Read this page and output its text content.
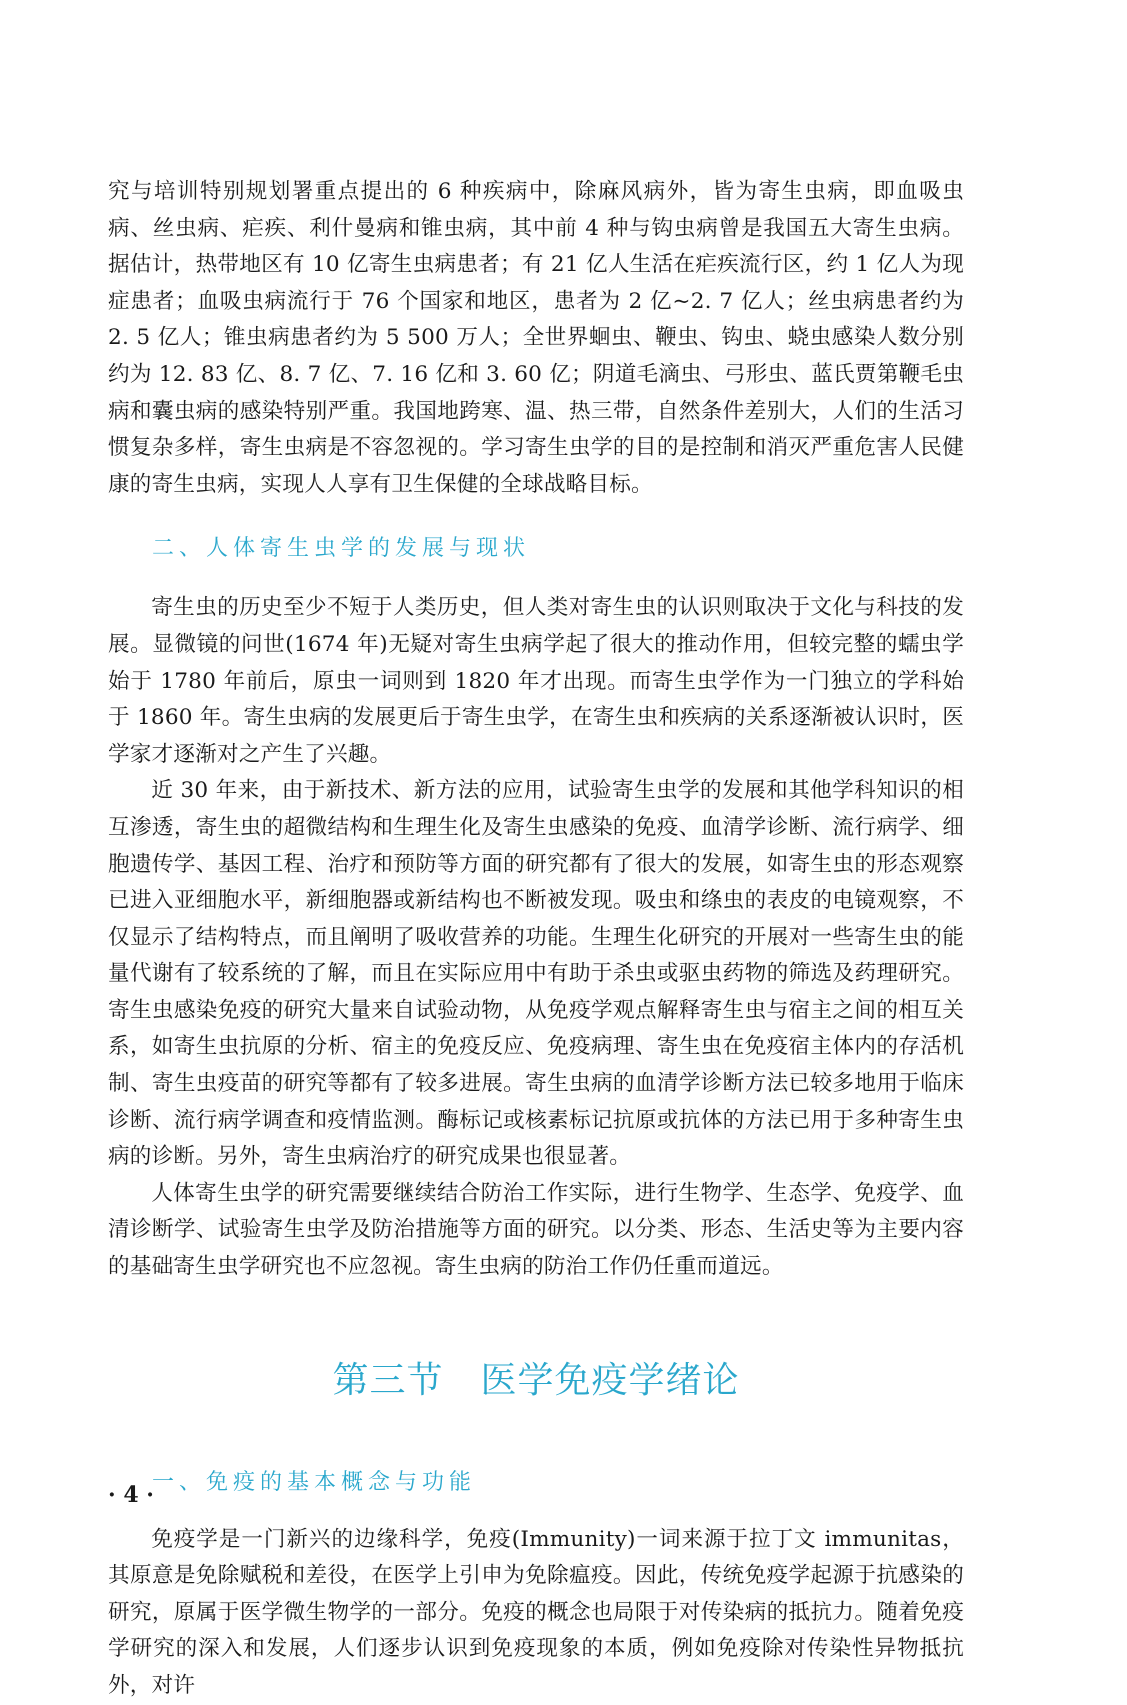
究与培训特别规划署重点提出的 6 种疾病中，除麻风病外，皆为寄生虫病，即血吸虫病、丝虫病、疟疾、利什曼病和锥虫病，其中前 4 种与钩虫病曾是我国五大寄生虫病。据估计，热带地区有 10 亿寄生虫病患者；有 21 亿人生活在疟疾流行区，约 1 亿人为现症患者；血吸虫病流行于 76 个国家和地区，患者为 2 亿~2. 7 亿人；丝虫病患者约为 2. 5 亿人；锥虫病患者约为 5 500 万人；全世界蛔虫、鞭虫、钩虫、蛲虫感染人数分别约为 12. 83 亿、8. 7 亿、7. 16 亿和 3. 60 亿；阴道毛滴虫、弓形虫、蓝氏贾第鞭毛虫病和囊虫病的感染特别严重。我国地跨寒、温、热三带，自然条件差别大，人们的生活习惯复杂多样，寄生虫病是不容忽视的。学习寄生虫学的目的是控制和消灭严重危害人民健康的寄生虫病，实现人人享有卫生保健的全球战略目标。

二、人体寄生虫学的发展与现状

寄生虫的历史至少不短于人类历史，但人类对寄生虫的认识则取决于文化与科技的发展。显微镜的问世(1674 年)无疑对寄生虫病学起了很大的推动作用，但较完整的蠕虫学始于 1780 年前后，原虫一词则到 1820 年才出现。而寄生虫学作为一门独立的学科始于 1860 年。寄生虫病的发展更后于寄生虫学，在寄生虫和疾病的关系逐渐被认识时，医学家才逐渐对之产生了兴趣。

近 30 年来，由于新技术、新方法的应用，试验寄生虫学的发展和其他学科知识的相互渗透，寄生虫的超微结构和生理生化及寄生虫感染的免疫、血清学诊断、流行病学、细胞遗传学、基因工程、治疗和预防等方面的研究都有了很大的发展，如寄生虫的形态观察已进入亚细胞水平，新细胞器或新结构也不断被发现。吸虫和绦虫的表皮的电镜观察，不仅显示了结构特点，而且阐明了吸收营养的功能。生理生化研究的开展对一些寄生虫的能量代谢有了较系统的了解，而且在实际应用中有助于杀虫或驱虫药物的筛选及药理研究。寄生虫感染免疫的研究大量来自试验动物，从免疫学观点解释寄生虫与宿主之间的相互关系，如寄生虫抗原的分析、宿主的免疫反应、免疫病理、寄生虫在免疫宿主体内的存活机制、寄生虫疫苗的研究等都有了较多进展。寄生虫病的血清学诊断方法已较多地用于临床诊断、流行病学调查和疫情监测。酶标记或核素标记抗原或抗体的方法已用于多种寄生虫病的诊断。另外，寄生虫病治疗的研究成果也很显著。

人体寄生虫学的研究需要继续结合防治工作实际，进行生物学、生态学、免疫学、血清诊断学、试验寄生虫学及防治措施等方面的研究。以分类、形态、生活史等为主要内容的基础寄生虫学研究也不应忽视。寄生虫病的防治工作仍任重而道远。

第三节　医学免疫学绪论
一、免疫的基本概念与功能

免疫学是一门新兴的边缘科学，免疫(Immunity)一词来源于拉丁文 immunitas，其原意是免除赋税和差役，在医学上引申为免除瘟疫。因此，传统免疫学起源于抗感染的研究，原属于医学微生物学的一部分。免疫的概念也局限于对传染病的抵抗力。随着免疫学研究的深入和发展，人们逐步认识到免疫现象的本质，例如免疫除对传染性异物抵抗外，对许

· 4 ·
